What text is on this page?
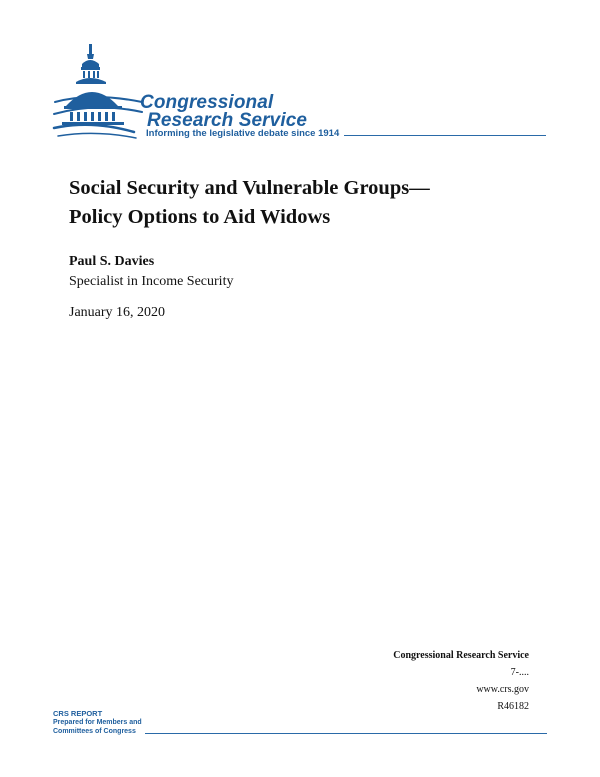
Congressional
Research Service
Informing the legislative debate since 1914
Social Security and Vulnerable Groups—
Policy Options to Aid Widows
Paul S. Davies
Specialist in Income Security
January 16, 2020
Congressional Research Service
7-....
www.crs.gov
R46182
CRS REPORT
Prepared for Members and
Committees of Congress
